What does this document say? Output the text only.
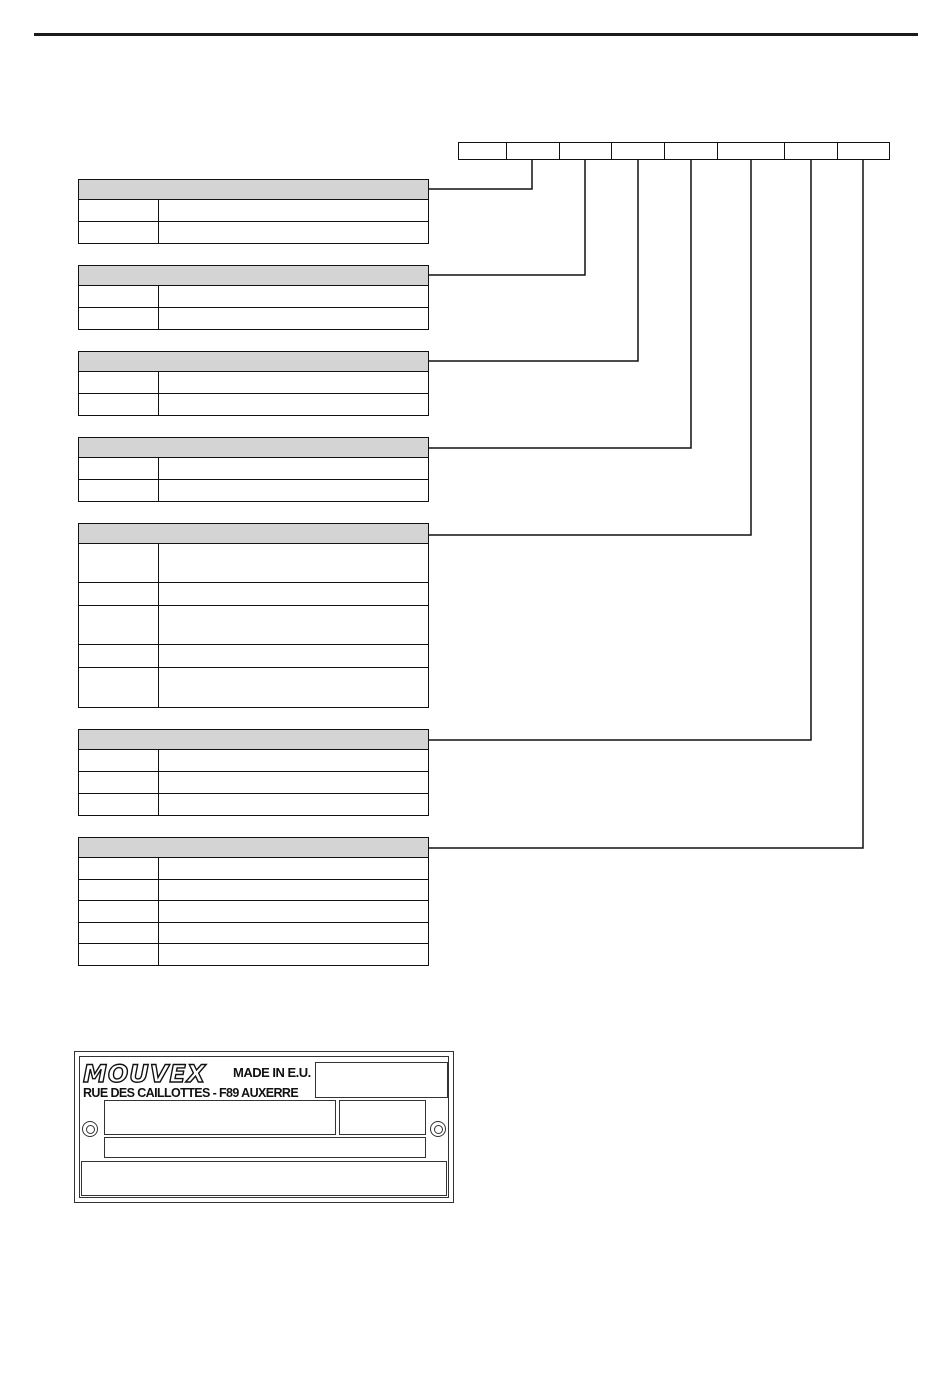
MOUVEX MADE IN E.U.
RUE DES CAILLOTTES - F89 AUXERRE
